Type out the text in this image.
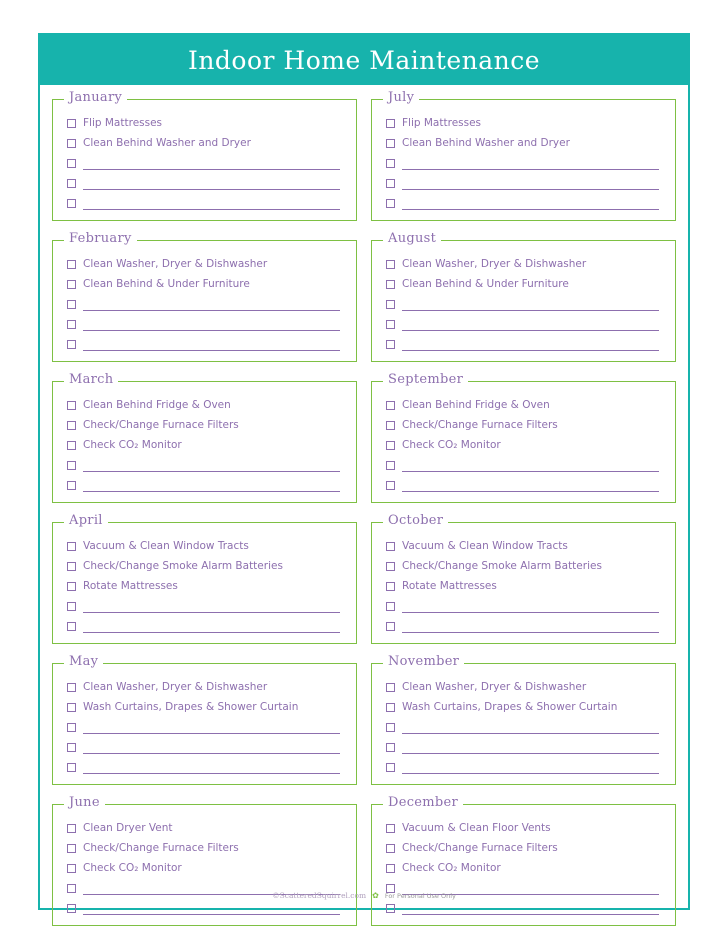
Indoor Home Maintenance
January
Flip Mattresses
Clean Behind Washer and Dryer
February
Clean Washer, Dryer & Dishwasher
Clean Behind & Under Furniture
March
Clean Behind Fridge & Oven
Check/Change Furnace Filters
Check CO₂ Monitor
April
Vacuum & Clean Window Tracts
Check/Change Smoke Alarm Batteries
Rotate Mattresses
May
Clean Washer, Dryer & Dishwasher
Wash Curtains, Drapes & Shower Curtain
June
Clean Dryer Vent
Check/Change Furnace Filters
Check CO₂ Monitor
July
Flip Mattresses
Clean Behind Washer and Dryer
August
Clean Washer, Dryer & Dishwasher
Clean Behind & Under Furniture
September
Clean Behind Fridge & Oven
Check/Change Furnace Filters
Check CO₂ Monitor
October
Vacuum & Clean Window Tracts
Check/Change Smoke Alarm Batteries
Rotate Mattresses
November
Clean Washer, Dryer & Dishwasher
Wash Curtains, Drapes & Shower Curtain
December
Vacuum & Clean Floor Vents
Check/Change Furnace Filters
Check CO₂ Monitor
©ScatteredSquirrel.com ✿ For Personal Use Only
